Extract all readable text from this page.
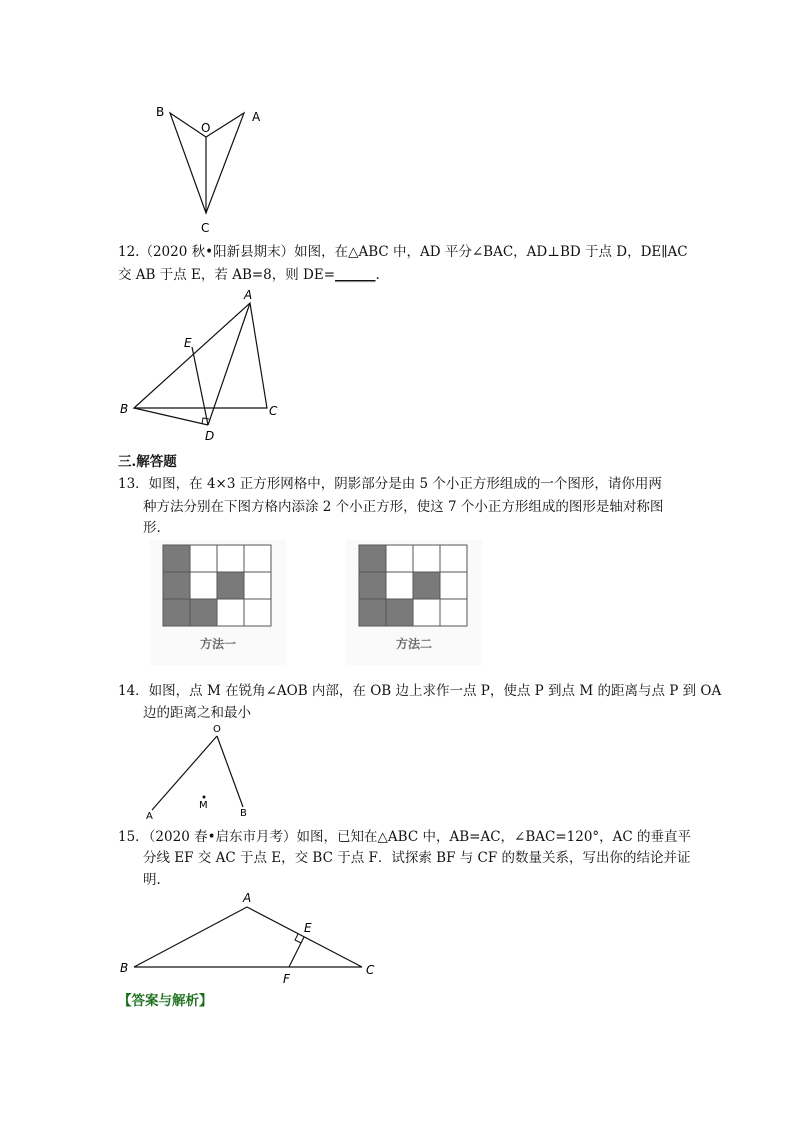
B
O
A
C
12.（2020 秋•阳新县期末）如图，在△ABC 中，AD 平分∠BAC，AD⊥BD 于点 D，DE∥AC
交 AB 于点 E，若 AB=8，则 DE=______.
A
E
B	C
D
三.解答题
13．如图，在 4×3 正方形网格中，阴影部分是由 5 个小正方形组成的一个图形，请你用两
种方法分别在下图方格内添涂 2 个小正方形，使这 7 个小正方形组成的图形是轴对称图
形.
方法一	方法二
14．如图，点 M 在锐角∠AOB 内部，在 OB 边上求作一点 P，使点 P 到点 M 的距离与点 P 到 OA
边的距离之和最小
O
A
M
B
15．（2020 春•启东市月考）如图，已知在△ABC 中，AB=AC，∠BAC=120°，AC 的垂直平
分线 EF 交 AC 于点 E，交 BC 于点 F．试探索 BF 与 CF 的数量关系，写出你的结论并证
明.
A
E
B
F
C
【答案与解析】
